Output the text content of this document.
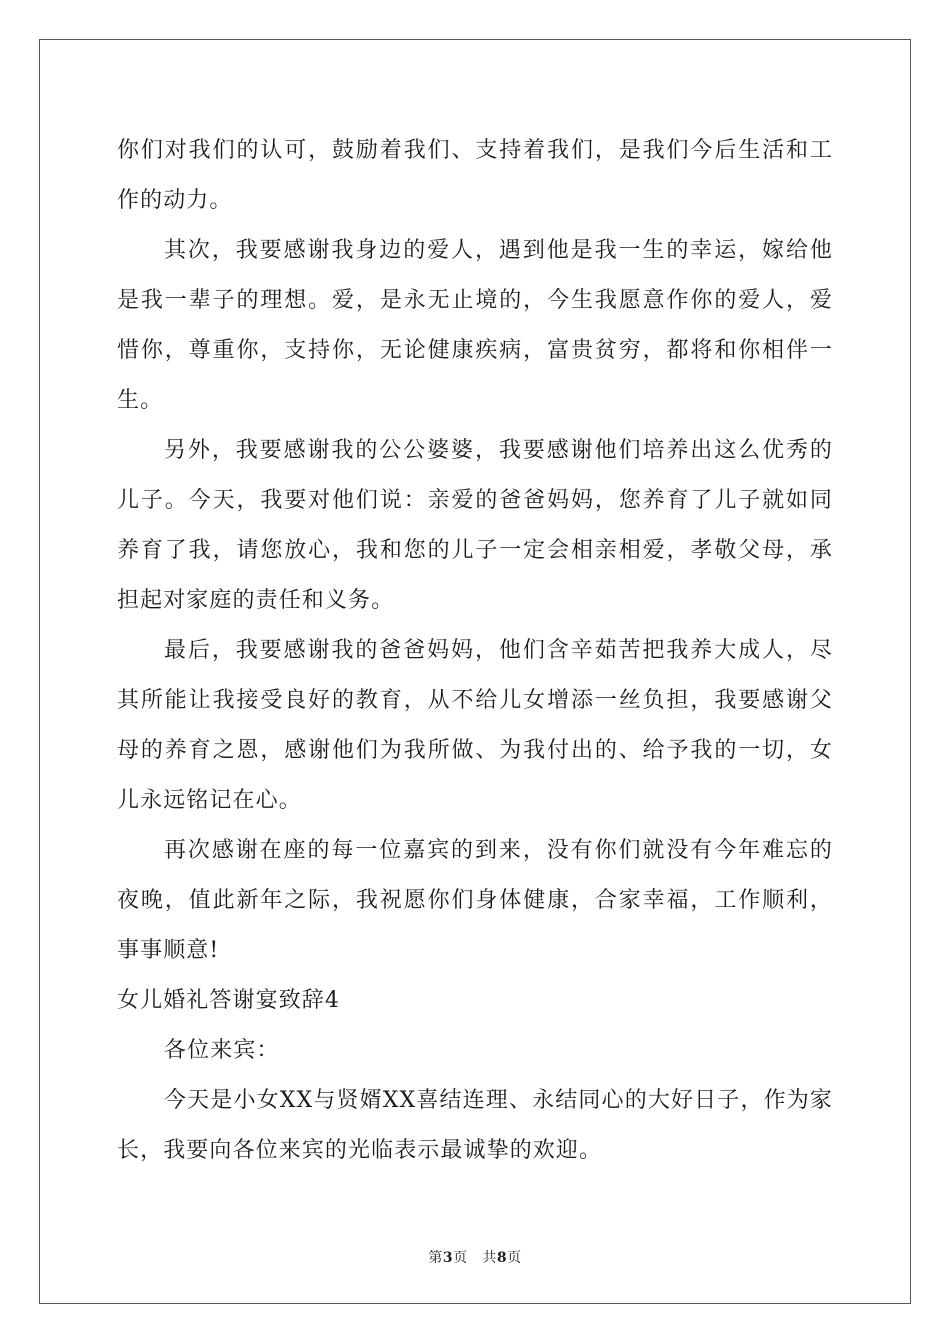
你们对我们的认可，鼓励着我们、支持着我们，是我们今后生活和工作的动力。

其次，我要感谢我身边的爱人，遇到他是我一生的幸运，嫁给他是我一辈子的理想。爱，是永无止境的，今生我愿意作你的爱人，爱惜你，尊重你，支持你，无论健康疾病，富贵贫穷，都将和你相伴一生。

另外，我要感谢我的公公婆婆，我要感谢他们培养出这么优秀的儿子。今天，我要对他们说：亲爱的爸爸妈妈，您养育了儿子就如同养育了我，请您放心，我和您的儿子一定会相亲相爱，孝敬父母，承担起对家庭的责任和义务。

最后，我要感谢我的爸爸妈妈，他们含辛茹苦把我养大成人，尽其所能让我接受良好的教育，从不给儿女增添一丝负担，我要感谢父母的养育之恩，感谢他们为我所做、为我付出的、给予我的一切，女儿永远铭记在心。

再次感谢在座的每一位嘉宾的到来，没有你们就没有今年难忘的夜晚，值此新年之际，我祝愿你们身体健康，合家幸福，工作顺利，事事顺意!

女儿婚礼答谢宴致辞4

各位来宾：

今天是小女XX与贤婿XX喜结连理、永结同心的大好日子，作为家长，我要向各位来宾的光临表示最诚挚的欢迎。

第3页 共8页
